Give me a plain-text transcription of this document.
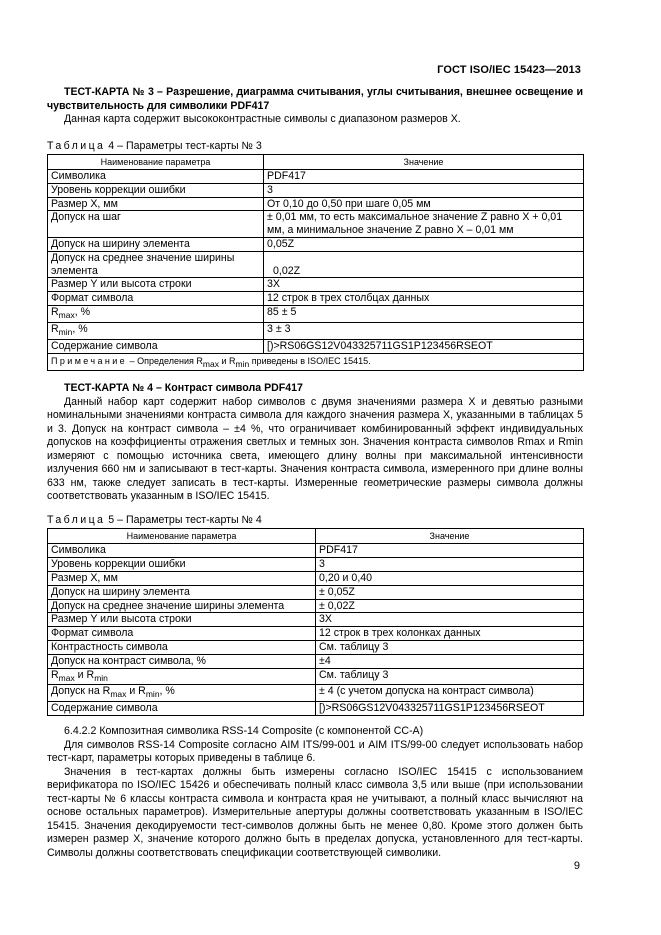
ГОСТ ISO/IEC 15423—2013

ТЕСТ-КАРТА № 3 – Разрешение, диаграмма считывания, углы считывания, внешнее освещение и чувствительность для символики PDF417

Данная карта содержит высококонтрастные символы с диапазоном размеров X.

Таблица 4 – Параметры тест-карты № 3

Наименование параметра	Значение
Символика	PDF417
Уровень коррекции ошибки	3
Размер X, мм	От 0,10 до 0,50 при шаге 0,05 мм
Допуск на шаг	± 0,01 мм, то есть максимальное значение Z равно X + 0,01 мм, а минимальное значение Z равно X – 0,01 мм
Допуск на ширину элемента	0,05Z
Допуск на среднее значение ширины элемента	0,02Z
Размер Y или высота строки	3X
Формат символа	12 строк в трех столбцах данных
$R_{max}$, %	85 ± 5
$R_{min}$, %	3 ± 3
Содержание символа	[)>RS06GS12V043325711GS1P123456RSEOT
Примечание – Определения $R_{max}$ и $R_{min}$ приведены в ISO/IEC 15415.	

ТЕСТ-КАРТА № 4 – Контраст символа PDF417

Данный набор карт содержит набор символов с двумя значениями размера X и девятью разными номинальными значениями контраста символа для каждого значения размера X, указанными в таблицах 5 и 3. Допуск на контраст символа – ±4 %, что ограничивает комбинированный эффект индивидуальных допусков на коэффициенты отражения светлых и темных зон. Значения контраста символов Rmax и Rmin измеряют с помощью источника света, имеющего длину волны при максимальной интенсивности излучения 660 нм и записывают в тест-карты. Значения контраста символа, измеренного при длине волны 633 нм, также следует записать в тест-карты. Измеренные геометрические размеры символа должны соответствовать указанным в ISO/IEC 15415.

Таблица 5 – Параметры тест-карты № 4

Наименование параметра	Значение
Символика	PDF417
Уровень коррекции ошибки	3
Размер X, мм	0,20 и 0,40
Допуск на ширину элемента	± 0,05Z
Допуск на среднее значение ширины элемента	± 0,02Z
Размер Y или высота строки	3X
Формат символа	12 строк в трех колонках данных
Контрастность символа	См. таблицу 3
Допуск на контраст символа, %	±4
$R_{max}$ и $R_{min}$	См. таблицу 3
Допуск на $R_{max}$ и $R_{min}$, %	± 4 (с учетом допуска на контраст символа)
Содержание символа	[)>RS06GS12V043325711GS1P123456RSEOT

6.4.2.2 Композитная символика RSS-14 Composite (с компонентой CC-A)

Для символов RSS-14 Composite согласно AIM ITS/99-001 и AIM ITS/99-00 следует использовать набор тест-карт, параметры которых приведены в таблице 6.

Значения в тест-картах должны быть измерены согласно ISO/IEC 15415 с использованием верификатора по ISO/IEC 15426 и обеспечивать полный класс символа 3,5 или выше (при использовании тест-карты № 6 классы контраста символа и контраста края не учитывают, а полный класс вычисляют на основе остальных параметров). Измерительные апертуры должны соответствовать указанным в ISO/IEC 15415. Значения декодируемости тест-символов должны быть не менее 0,80. Кроме этого должен быть измерен размер X, значение которого должно быть в пределах допуска, установленного для тест-карты. Символы должны соответствовать спецификации соответствующей символики.

9
